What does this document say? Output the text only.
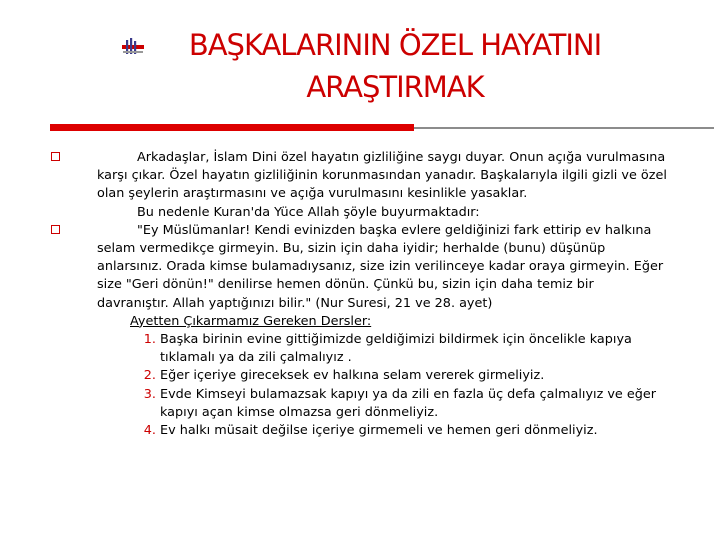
BAŞKALARININ ÖZEL HAYATINI
ARAŞTIRMAK

Arkadaşlar, İslam Dini özel hayatın gizliliğine saygı duyar. Onun açığa vurulmasına karşı çıkar. Özel hayatın gizliliğinin korunmasından yanadır. Başkalarıyla ilgili gizli ve özel olan şeylerin araştırmasını ve açığa vurulmasını kesinlikle yasaklar.

Bu nedenle Kuran'da Yüce Allah şöyle buyurmaktadır:

"Ey Müslümanlar! Kendi evinizden başka evlere geldiğinizi fark ettirip ev halkına selam vermedikçe girmeyin. Bu, sizin için daha iyidir; herhalde (bunu) düşünüp anlarsınız. Orada kimse bulamadıysanız, size izin verilinceye kadar oraya girmeyin. Eğer size "Geri dönün!" denilirse hemen dönün. Çünkü bu, sizin için daha temiz bir davranıştır. Allah yaptığınızı bilir." (Nur Suresi, 21 ve 28. ayet)

Ayetten Çıkarmamız Gereken Dersler:

1. Başka birinin evine gittiğimizde geldiğimizi bildirmek için öncelikle kapıya tıklamalı ya da zili çalmalıyız .
2. Eğer içeriye gireceksek ev halkına selam vererek girmeliyiz.
3. Evde Kimseyi bulamazsak kapıyı ya da zili en fazla üç defa çalmalıyız ve eğer kapıyı açan kimse olmazsa geri dönmeliyiz.
4. Ev halkı müsait değilse içeriye girmemeli ve hemen geri dönmeliyiz.
